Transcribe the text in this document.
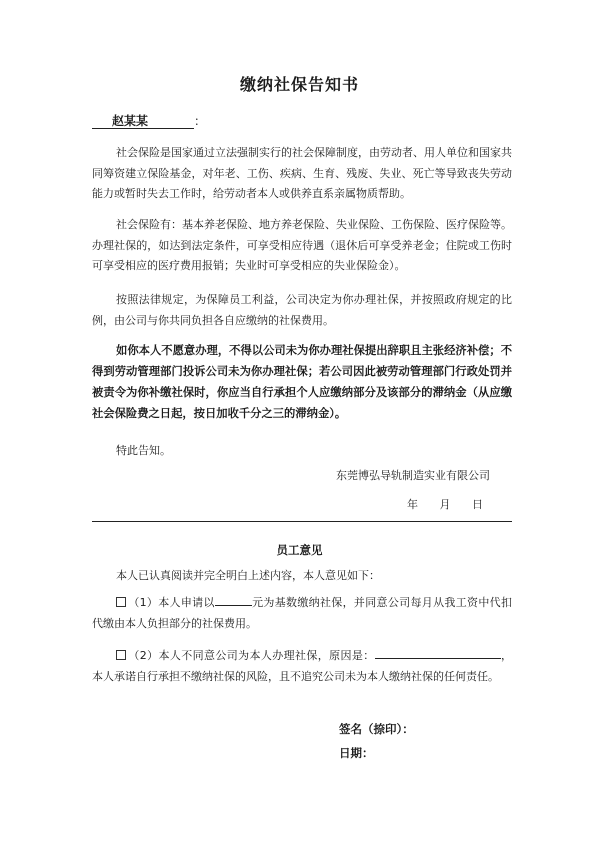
缴纳社保告知书
赵某某	：

社会保险是国家通过立法强制实行的社会保障制度，由劳动者、用人单位和国家共同筹资建立保险基金，对年老、工伤、疾病、生育、残废、失业、死亡等导致丧失劳动能力或暂时失去工作时，给劳动者本人或供养直系亲属物质帮助。

社会保险有：基本养老保险、地方养老保险、失业保险、工伤保险、医疗保险等。办理社保的，如达到法定条件，可享受相应待遇（退休后可享受养老金；住院或工伤时可享受相应的医疗费用报销；失业时可享受相应的失业保险金）。

按照法律规定，为保障员工利益，公司决定为你办理社保，并按照政府规定的比例，由公司与你共同负担各自应缴纳的社保费用。

如你本人不愿意办理，不得以公司未为你办理社保提出辞职且主张经济补偿；不得到劳动管理部门投诉公司未为你办理社保；若公司因此被劳动管理部门行政处罚并被责令为你补缴社保时，你应当自行承担个人应缴纳部分及该部分的滞纳金（从应缴社会保险费之日起，按日加收千分之三的滞纳金）。

特此告知。
东莞博弘导轨制造实业有限公司
年 月 日
员工意见

本人已认真阅读并完全明白上述内容，本人意见如下：

（1）本人申请以	元为基数缴纳社保，并同意公司每月从我工资中代扣代缴由本人负担部分的社保费用。

（2）本人不同意公司为本人办理社保，原因是：	，本人承诺自行承担不缴纳社保的风险，且不追究公司未为本人缴纳社保的任何责任。

签名（捺印）：
日期：
